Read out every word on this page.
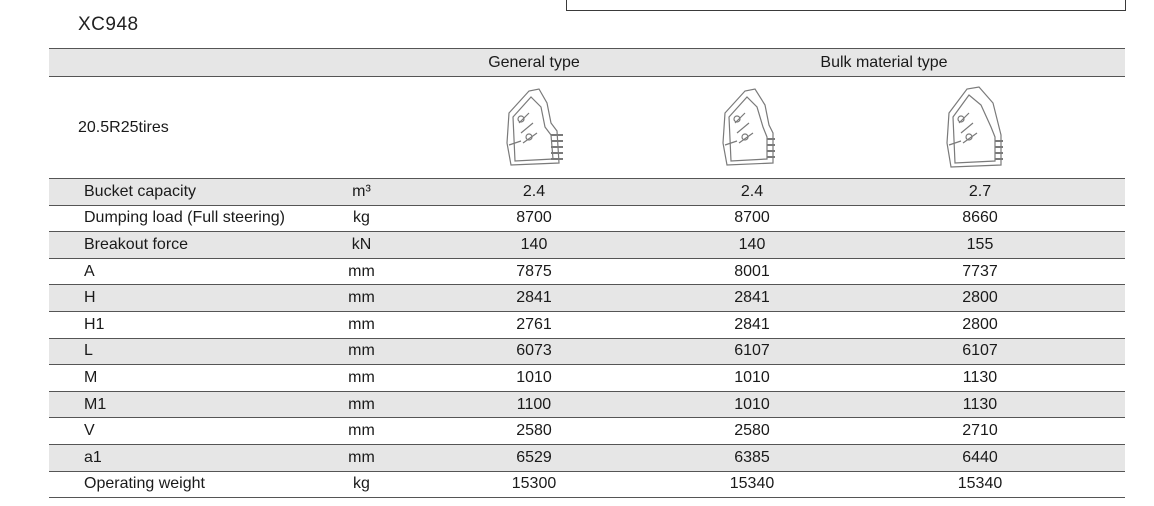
XC948
General type	Bulk material type
20.5R25tires
Bucket capacity	m³	2.4	2.4	2.7
Dumping load (Full steering)	kg	8700	8700	8660
Breakout force	kN	140	140	155
A	mm	7875	8001	7737
H	mm	2841	2841	2800
H1	mm	2761	2841	2800
L	mm	6073	6107	6107
M	mm	1010	1010	1130
M1	mm	1100	1010	1130
V	mm	2580	2580	2710
a1	mm	6529	6385	6440
Operating weight	kg	15300	15340	15340
